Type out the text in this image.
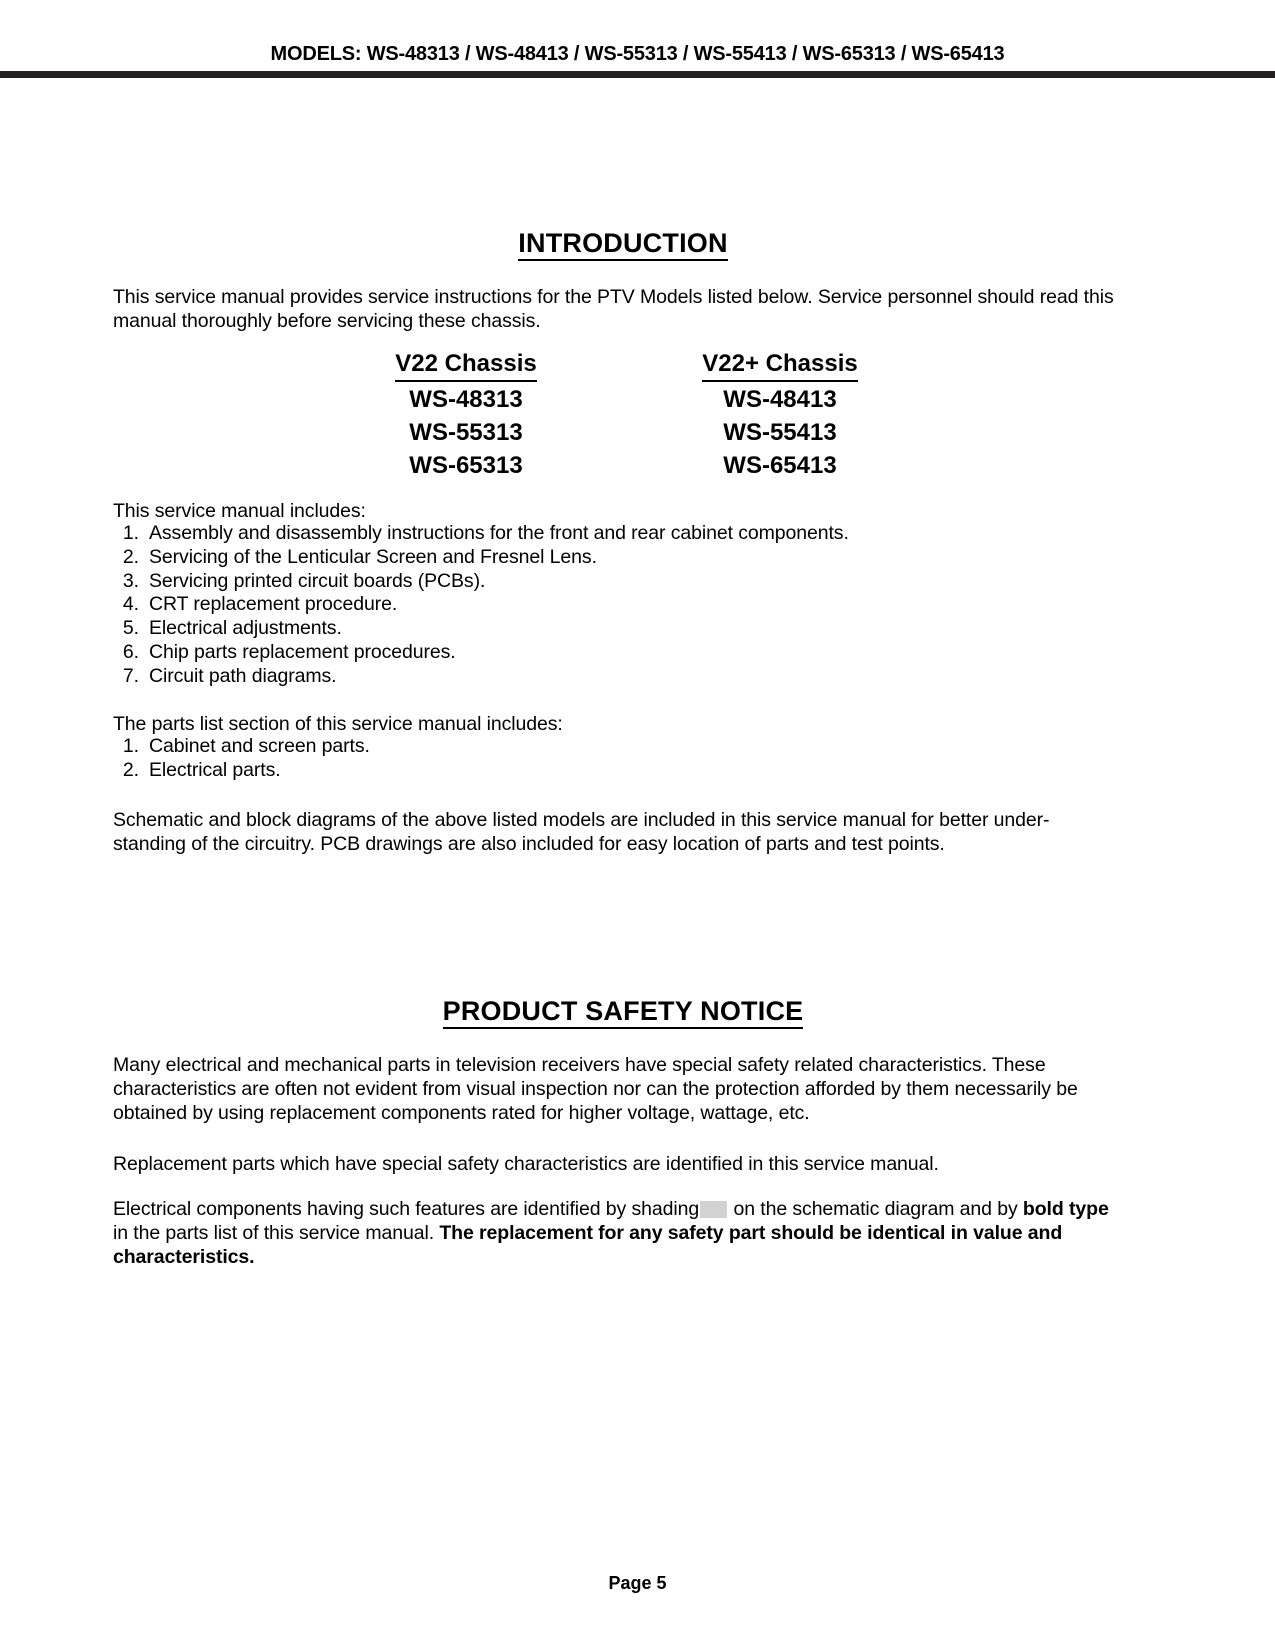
MODELS: WS-48313 / WS-48413 / WS-55313 / WS-55413 / WS-65313 / WS-65413
INTRODUCTION

This service manual provides service instructions for the PTV Models listed below. Service personnel should read this manual thoroughly before servicing these chassis.

V22 Chassis
WS-48313
WS-55313
WS-65313
V22+ Chassis
WS-48413
WS-55413
WS-65413

This service manual includes:

1. Assembly and disassembly instructions for the front and rear cabinet components.
2. Servicing of the Lenticular Screen and Fresnel Lens.
3. Servicing printed circuit boards (PCBs).
4. CRT replacement procedure.
5. Electrical adjustments.
6. Chip parts replacement procedures.
7. Circuit path diagrams.

The parts list section of this service manual includes:

1. Cabinet and screen parts.
2. Electrical parts.

Schematic and block diagrams of the above listed models are included in this service manual for better under-standing of the circuitry. PCB drawings are also included for easy location of parts and test points.

PRODUCT SAFETY NOTICE

Many electrical and mechanical parts in television receivers have special safety related characteristics. These characteristics are often not evident from visual inspection nor can the protection afforded by them necessarily be obtained by using replacement components rated for higher voltage, wattage, etc.

Replacement parts which have special safety characteristics are identified in this service manual.

Electrical components having such features are identified by shading on the schematic diagram and by bold type in the parts list of this service manual. The replacement for any safety part should be identical in value and characteristics.

Page 5
